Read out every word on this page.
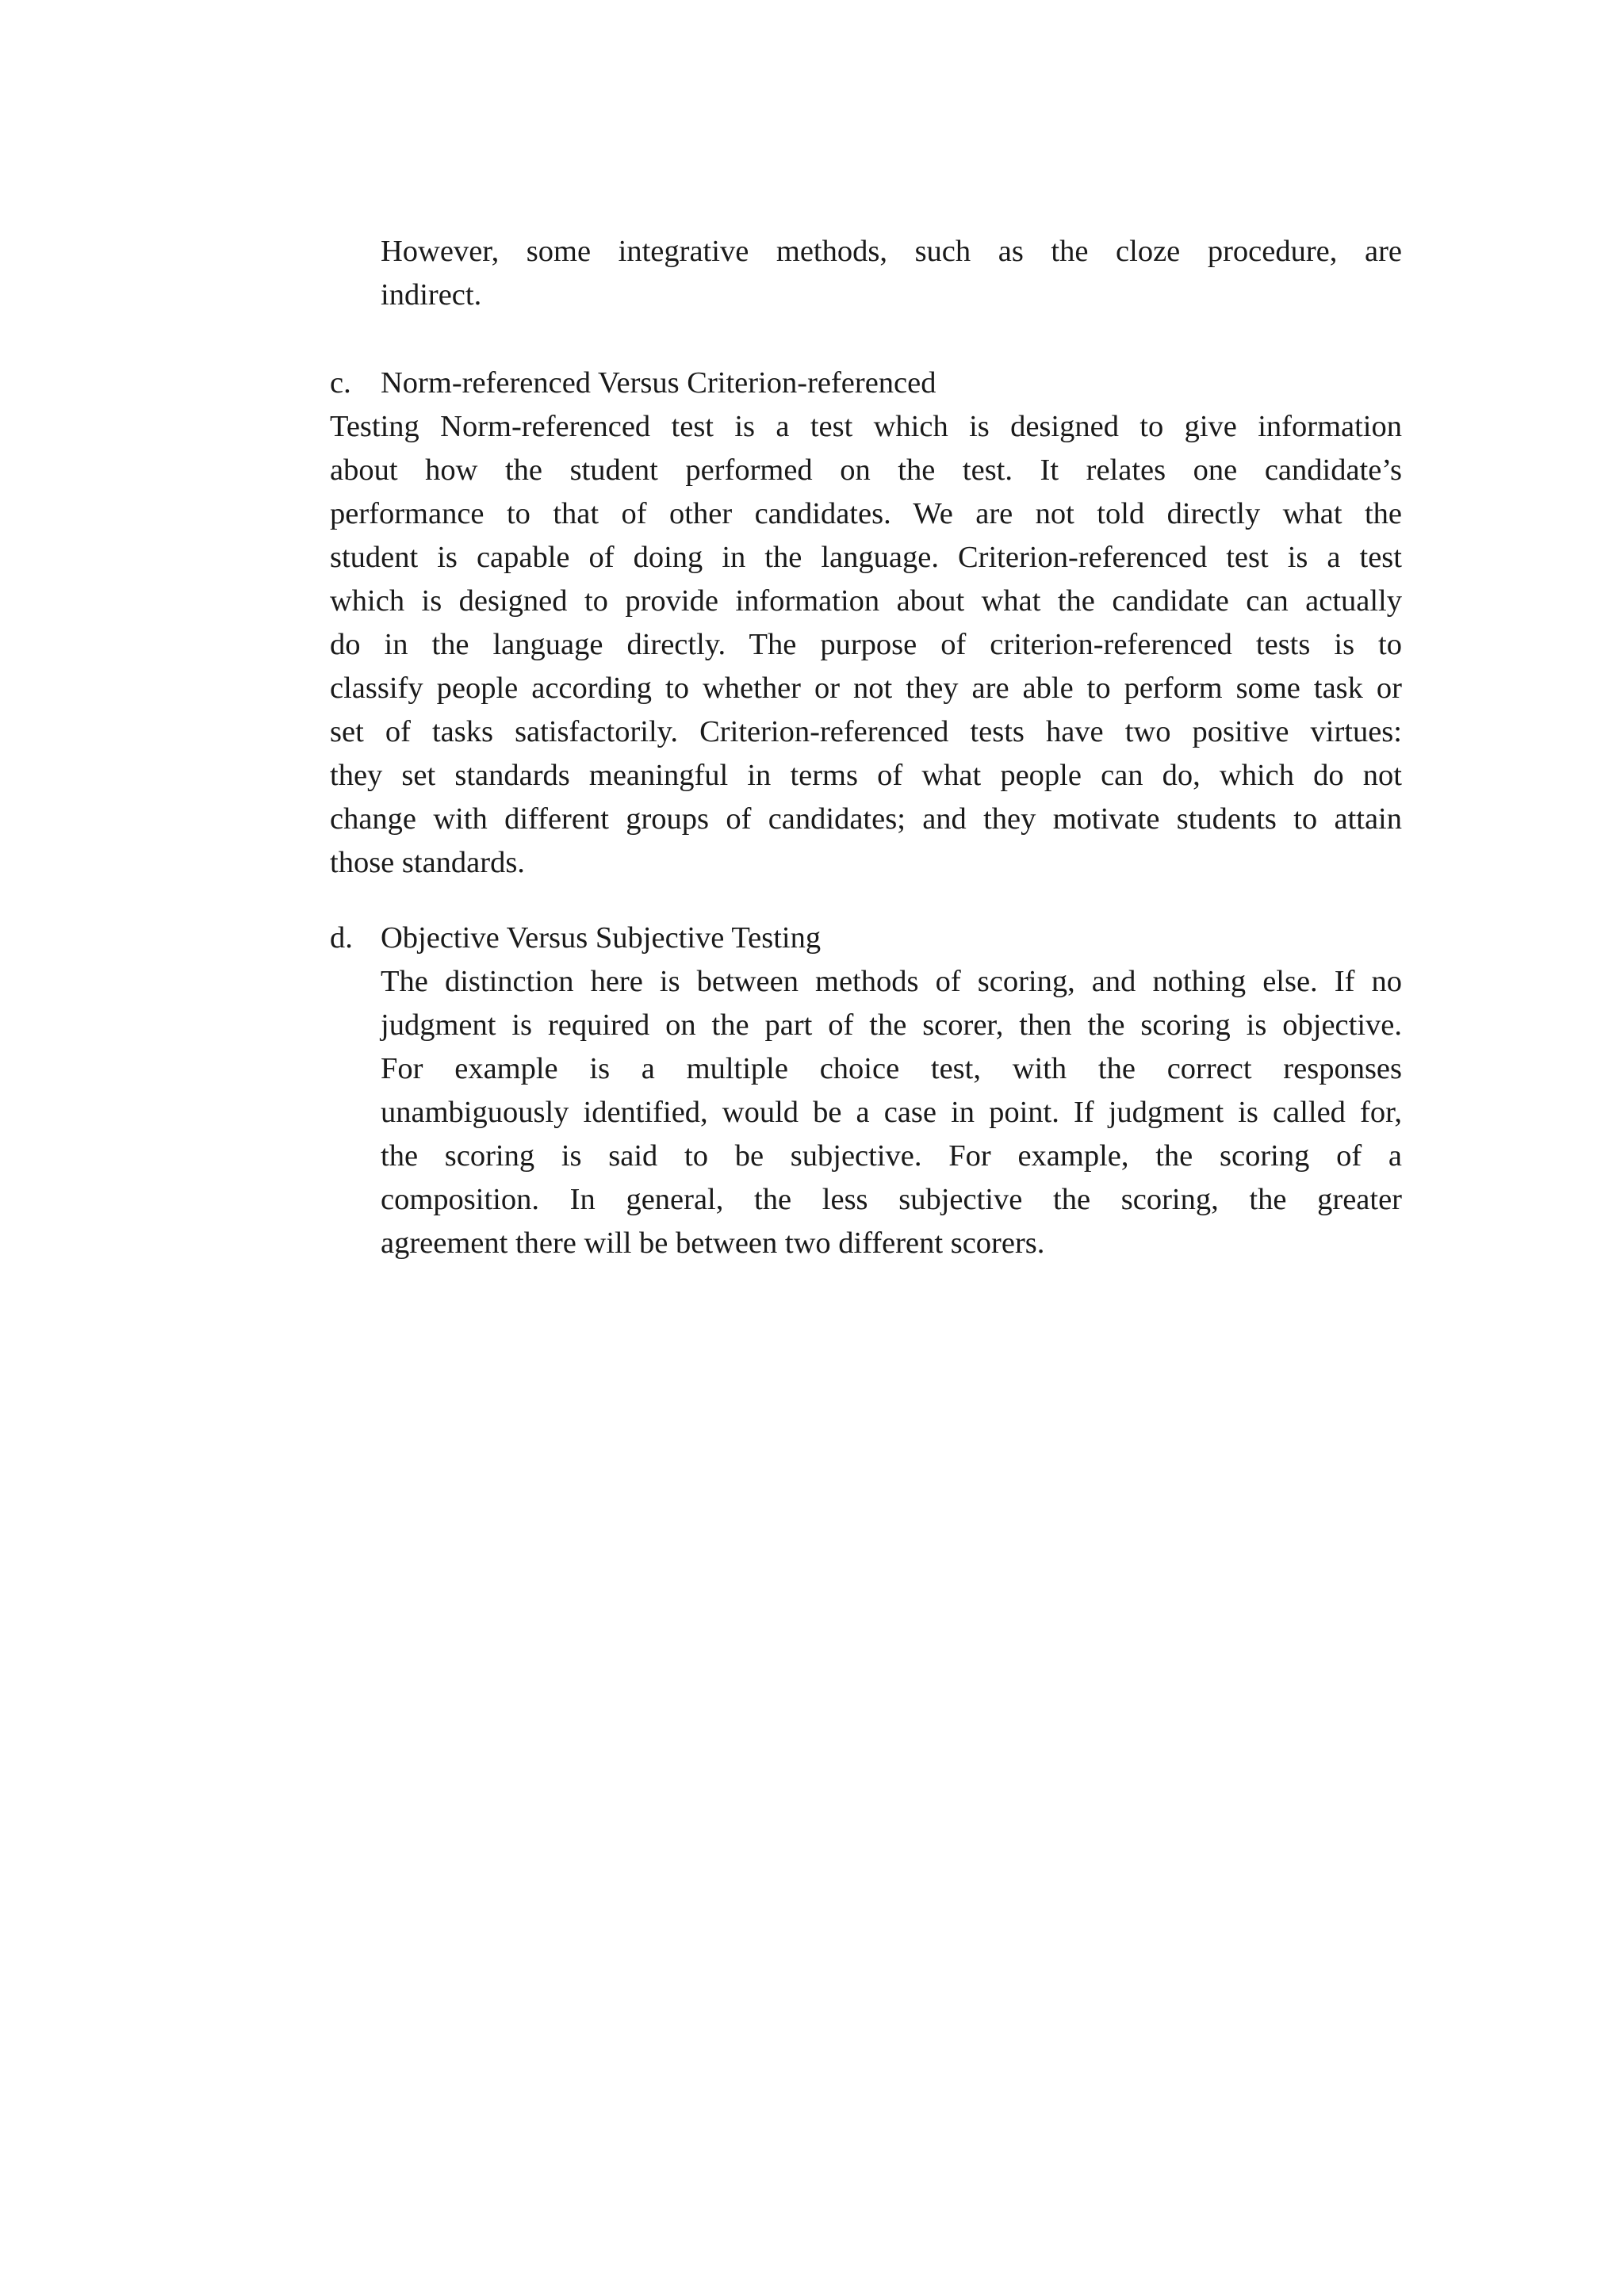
However, some integrative methods, such as the cloze procedure, are
indirect.
c. Norm-referenced Versus Criterion-referenced
Testing Norm-referenced test is a test which is designed to give information
about how the student performed on the test. It relates one candidate’s
performance to that of other candidates. We are not told directly what the
student is capable of doing in the language. Criterion-referenced test is a test
which is designed to provide information about what the candidate can actually
do in the language directly. The purpose of criterion-referenced tests is to
classify people according to whether or not they are able to perform some task or
set of tasks satisfactorily. Criterion-referenced tests have two positive virtues:
they set standards meaningful in terms of what people can do, which do not
change with different groups of candidates; and they motivate students to attain
those standards.
d. Objective Versus Subjective Testing
The distinction here is between methods of scoring, and nothing else. If no
judgment is required on the part of the scorer, then the scoring is objective.
For example is a multiple choice test, with the correct responses
unambiguously identified, would be a case in point. If judgment is called for,
the scoring is said to be subjective. For example, the scoring of a
composition. In general, the less subjective the scoring, the greater
agreement there will be between two different scorers.
